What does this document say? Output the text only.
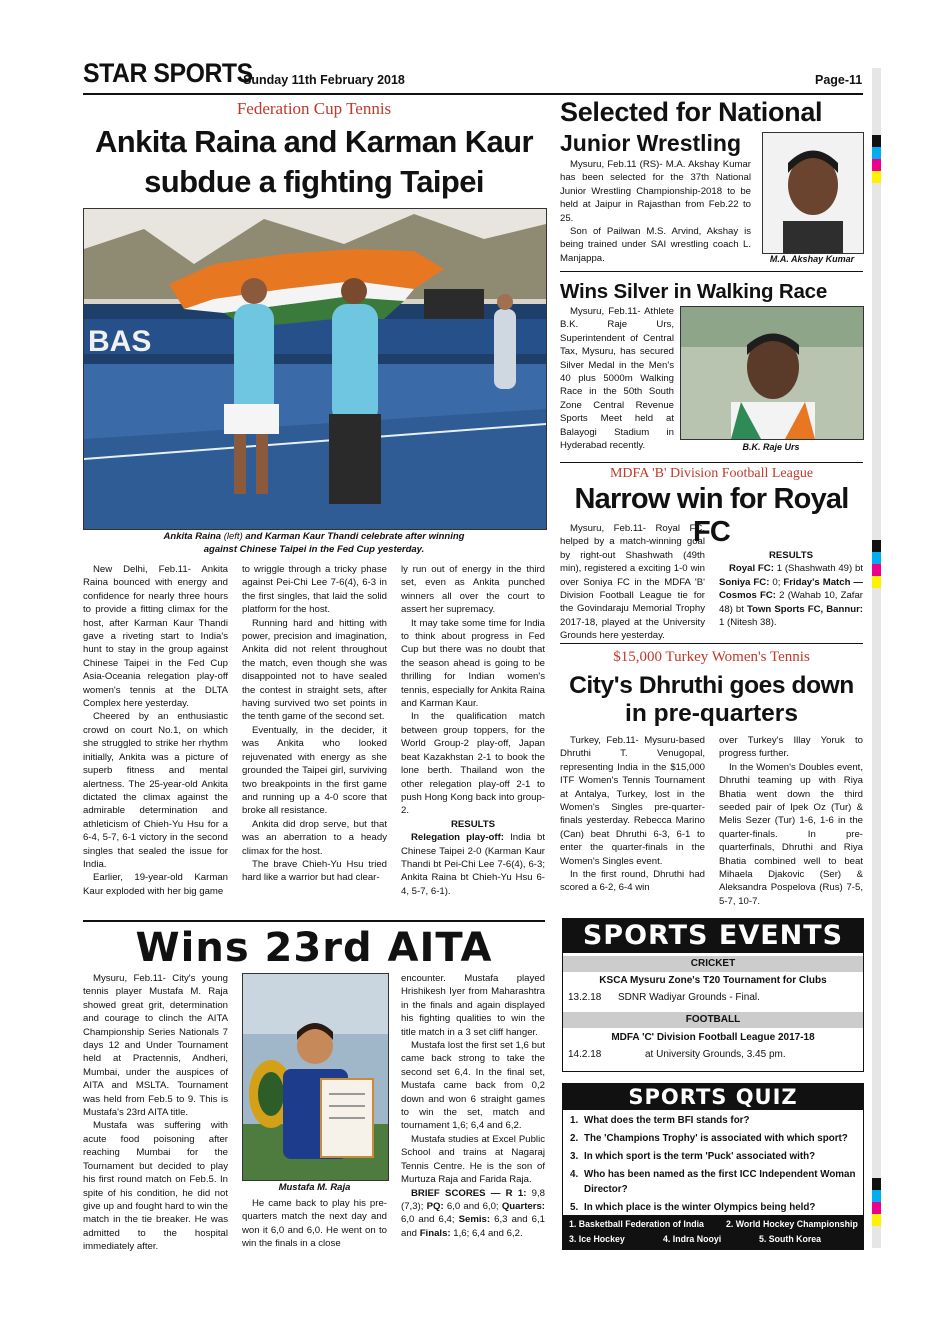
STAR SPORTS
Sunday 11th February 2018	Page-11
Federation Cup Tennis
Ankita Raina and Karman Kaur
subdue a fighting Taipei
BAS
Ankita Raina (left) and Karman Kaur Thandi celebrate after winning
against Chinese Taipei in the Fed Cup yesterday.

New Delhi, Feb.11- Ankita Raina bounced with energy and confidence for nearly three hours to provide a fitting climax for the host, after Karman Kaur Thandi gave a riveting start to India's hunt to stay in the group against Chinese Taipei in the Fed Cup Asia-Oceania relegation play-off women's tennis at the DLTA Complex here yesterday.

Cheered by an enthusiastic crowd on court No.1, on which she struggled to strike her rhythm initially, Ankita was a picture of superb fitness and mental alertness. The 25-year-old Ankita dictated the climax against the admirable determination and athleticism of Chieh-Yu Hsu for a 6-4, 5-7, 6-1 victory in the second singles that sealed the issue for India.

Earlier, 19-year-old Karman Kaur exploded with her big game

to wriggle through a tricky phase against Pei-Chi Lee 7-6(4), 6-3 in the first singles, that laid the solid platform for the host.

Running hard and hitting with power, precision and imagination, Ankita did not relent throughout the match, even though she was disappointed not to have sealed the contest in straight sets, after having survived two set points in the tenth game of the second set.

Eventually, in the decider, it was Ankita who looked rejuvenated with energy as she grounded the Taipei girl, surviving two breakpoints in the first game and running up a 4-0 score that broke all resistance.

Ankita did drop serve, but that was an aberration to a heady climax for the host.

The brave Chieh-Yu Hsu tried hard like a warrior but had clear-

ly run out of energy in the third set, even as Ankita punched winners all over the court to assert her supremacy.

It may take some time for India to think about progress in Fed Cup but there was no doubt that the season ahead is going to be thrilling for Indian women's tennis, especially for Ankita Raina and Karman Kaur.

In the qualification match between group toppers, for the World Group-2 play-off, Japan beat Kazakhstan 2-1 to book the lone berth. Thailand won the other relegation play-off 2-1 to push Hong Kong back into group-2.

RESULTS

Relegation play-off: India bt Chinese Taipei 2-0 (Karman Kaur Thandi bt Pei-Chi Lee 7-6(4), 6-3; Ankita Raina bt Chieh-Yu Hsu 6-4, 5-7, 6-1).

Selected for National
Junior Wrestling

Mysuru, Feb.11 (RS)- M.A. Akshay Kumar has been selected for the 37th National Junior Wrestling Championship-2018 to be held at Jaipur in Rajasthan from Feb.22 to 25.

Son of Pailwan M.S. Arvind, Akshay is being trained under SAI wrestling coach L. Manjappa.	M.A. Akshay Kumar
Wins Silver in Walking Race

Mysuru, Feb.11- Athlete B.K. Raje Urs, Superintendent of Central Tax, Mysuru, has secured Silver Medal in the Men's 40 plus 5000m Walking Race in the 50th South Zone Central Revenue Sports Meet held at Balayogi Stadium in Hyderabad recently.	B.K. Raje Urs
MDFA 'B' Division Football League
Narrow win for Royal FC

Mysuru, Feb.11- Royal FC, helped by a match-winning goal by right-out Shashwath (49th min), registered a exciting 1-0 win over Soniya FC in the MDFA 'B' Division Football League tie for the Govindaraju Memorial Trophy 2017-18, played at the University Grounds here yesterday.

RESULTS

Royal FC: 1 (Shashwath 49) bt Soniya FC: 0; Friday's Match — Cosmos FC: 2 (Wahab 10, Zafar 48) bt Town Sports FC, Bannur: 1 (Nitesh 38).

$15,000 Turkey Women's Tennis
City's Dhruthi goes down
in pre-quarters

Turkey, Feb.11- Mysuru-based Dhruthi T. Venugopal, representing India in the $15,000 ITF Women's Tennis Tournament at Antalya, Turkey, lost in the Women's Singles pre-quarter-finals yesterday. Rebecca Marino (Can) beat Dhruthi 6-3, 6-1 to enter the quarter-finals in the Women's Singles event.

In the first round, Dhruthi had scored a 6-2, 6-4 win

over Turkey's Illay Yoruk to progress further.

In the Women's Doubles event, Dhruthi teaming up with Riya Bhatia went down the third seeded pair of Ipek Oz (Tur) & Melis Sezer (Tur) 1-6, 1-6 in the quarter-finals. In pre-quarterfinals, Dhruthi and Riya Bhatia combined well to beat Mihaela Djakovic (Ser) & Aleksandra Pospelova (Rus) 7-5, 5-7, 10-7.

Wins 23rd AITA

Mysuru, Feb.11- City's young tennis player Mustafa M. Raja showed great grit, determination and courage to clinch the AITA Championship Series Nationals 7 days 12 and Under Tournament held at Practennis, Andheri, Mumbai, under the auspices of AITA and MSLTA. Tournament was held from Feb.5 to 9. This is Mustafa's 23rd AITA title.

Mustafa was suffering with acute food poisoning after reaching Mumbai for the Tournament but decided to play his first round match on Feb.5. In spite of his condition, he did not give up and fought hard to win the match in the tie breaker. He was admitted to the hospital immediately after.

Mustafa M. Raja

He came back to play his pre-quarters match the next day and won it 6,0 and 6,0. He went on to win the finals in a close

encounter. Mustafa played Hrishikesh Iyer from Maharashtra in the finals and again displayed his fighting qualities to win the title match in a 3 set cliff hanger.

Mustafa lost the first set 1,6 but came back strong to take the second set 6,4. In the final set, Mustafa came back from 0,2 down and won 6 straight games to win the set, match and tournament 1,6; 6,4 and 6,2.

Mustafa studies at Excel Public School and trains at Nagaraj Tennis Centre. He is the son of Murtuza Raja and Farida Raja.

BRIEF SCORES — R 1: 9,8 (7,3); PQ: 6,0 and 6,0; Quarters: 6,0 and 6,4; Semis: 6,3 and 6,1 and Finals: 1,6; 6,4 and 6,2.

SPORTS EVENTS
CRICKET
KSCA Mysuru Zone's T20 Tournament for Clubs
13.2.18 SDNR Wadiyar Grounds - Final.
FOOTBALL
MDFA 'C' Division Football League 2017-18
14.2.18	at University Grounds, 3.45 pm.
SPORTS QUIZ
1. What does the term BFI stands for?
2. The 'Champions Trophy' is associated with which sport?
3. In which sport is the term 'Puck' associated with?
4. Who has been named as the first ICC Independent Woman Director?
5. In which place is the winter Olympics being held?
1. Basketball Federation of India	2. World Hockey Championship
3. Ice Hockey	4. Indra Nooyi	5. South Korea
